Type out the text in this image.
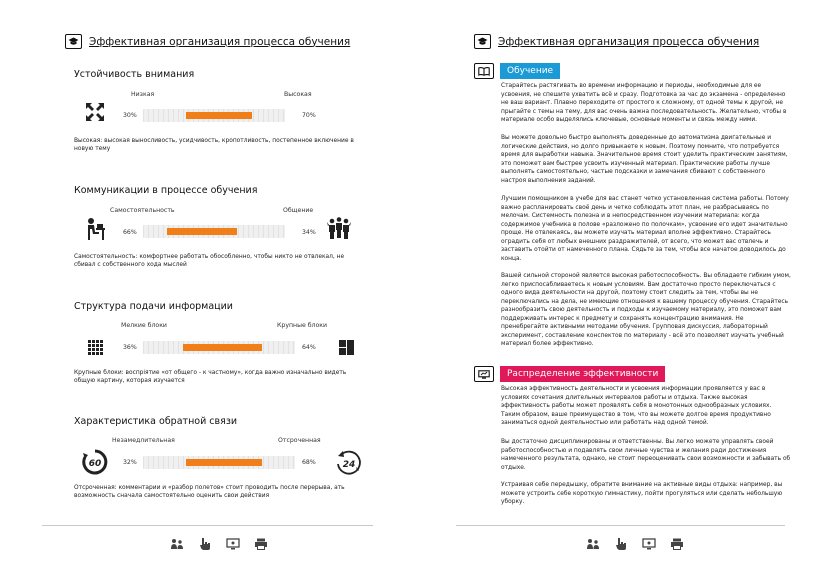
Эффективная организация процесса обучения
Устойчивость внимания
Низкая	Высокая
30%	70%
Высокая: высокая выносливость, усидчивость, кропотливость, постепенное включение в новую тему
Коммуникации в процессе обучения
Самостоятельность	Общение
66%	34%
Самостоятельность: комфортнее работать обособленно, чтобы никто не отвлекал, не сбивал с собственного хода мыслей
Структура подачи информации
Мелкие блоки	Крупные блоки
36%	64%
Крупные блоки: воспріятие «от общего - к частному», когда важно изначально видеть общую картину, которая изучается
Характеристика обратной связи
Незамедлительная	Отсроченная
60	32%	68%	24 h
Отсроченная: комментарии и «разбор полетов» стоит проводить после перерыва, ать возможность сначала самостоятельно оценить свои действия
Эффективная организация процесса обучения
Обучение
Старайтесь растягивать во времени информацию и периоды, необходимые для ее усвоения, не спешите ухватить всё и сразу. Подготовка за час до экзамена - определенно не ваш вариант. Плавно переходите от простого к сложному, от одной темы к другой, не прыгайте с темы на тему, для вас очень важна последовательность. Желательно, чтобы в материале особо выделялись ключевые, основные моменты и связь между ними.
Вы можете довольно быстро выполнять доведенные до автоматизма двигательные и логические действия, но долго привыкаете к новым. Поэтому помните, что потребуется время для выработки навыка. Значительное время стоит уделить практическим занятиям, это поможет вам быстрее усвоить изученный материал. Практические работы лучше выполнять самостоятельно, частые подсказки и замечания сбивают с собственного настроя выполнения заданий.
Лучшим помощником в учебе для вас станет четко установленная система работы. Потому важно распланировать своё день и четко соблюдать этот план, не разбрасываясь по мелочам. Системность полезна и в непосредственном изучении материала: когда содержимое учебника в полове «разложено по полочкам», усвоение его идет значительно проще. Не отвлекаясь, вы можете изучать материал вполне эффективно. Старайтесь оградить себя от любых внешних раздражителей, от всего, что может вас отвлечь и заставить отойти от намеченного плана. Сядьте за тем, чтобы все начатое доводилось до конца.
Вашей сильной стороной является высокая работоспособность. Вы обладаете гибким умом, легко приспосабливаетесь к новым условиям. Вам достаточно просто переключаться с одного вида деятельности на другой, поэтому стоит следить за тем, чтобы вы не переключались на дела, не имеющие отношения к вашему процессу обучения. Старайтесь разнообразить свою деятельность и подходы к изучаемому материалу, это поможет вам поддерживать интерес к предмету и сохранять концентрацию внимания. Не пренебрегайте активными методами обучения. Групповая дискуссия, лабораторный эксперимент, составление конспектов по материалу - всё это позволяет изучать учебный материал более эффективно.
Распределение эффективности
Высокая эффективность деятельности и усвоения информации проявляется у вас в условиях сочетания длительных интервалов работы и отдыха. Также высокая эффективность работы может проявлять себя в монотонных однообразных условиях. Таким образом, ваше преимущество в том, что вы можете долгое время продуктивно заниматься одной деятельностью или работать над одной темой.
Вы достаточно дисциплинированы и ответственны. Вы легко можете управлять своей работоспособностью и подавлять свои личные чувства и желания ради достижения намеченного результата, однако, не стоит переоценивать свои возможности и забывать об отдыхе.
Устраивая себе передышку, обратите внимание на активные виды отдыха: например, вы можете устроить себе короткую гимнастику, пойти прогуляться или сделать небольшую уборку.
